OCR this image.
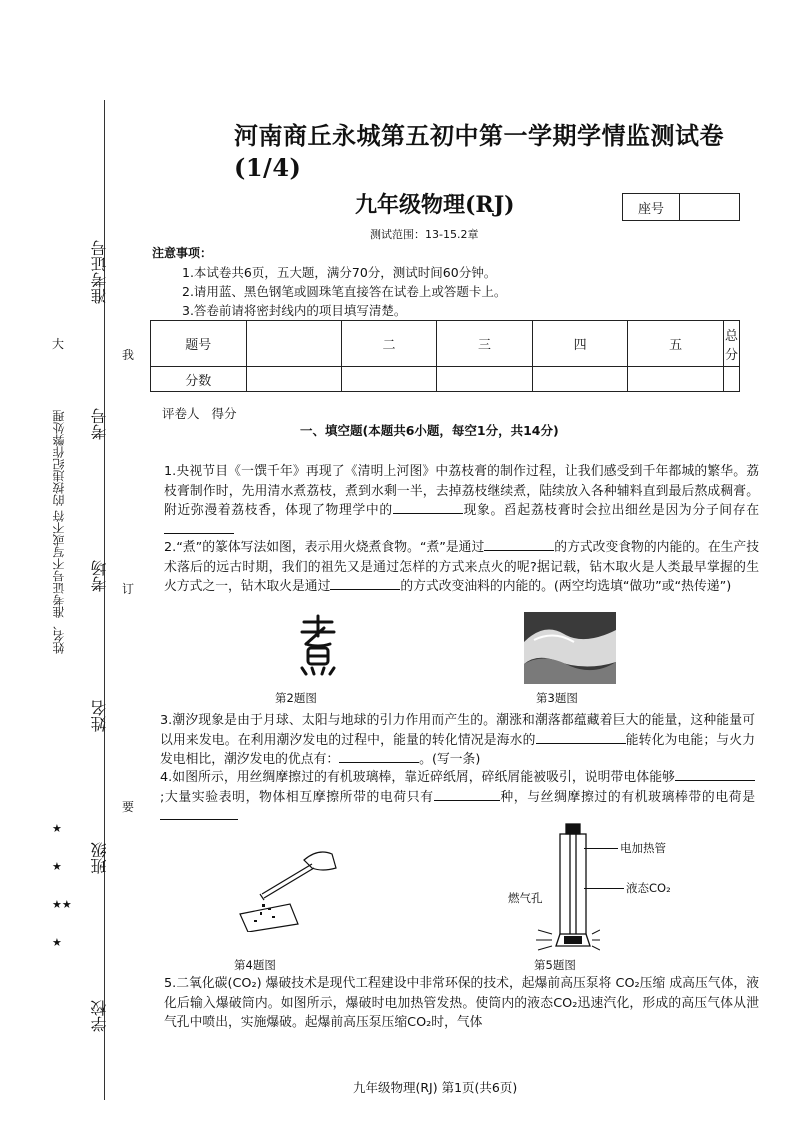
准考证号
考号
考场
姓名
班级
学校
姓名、准考证号不写或不符 的按违纪作弊处理
大
我
订
要
★
★
★★
★
河南商丘永城第五初中第一学期学情监测试卷(1/4)
九年级物理(RJ)	座号
测试范围：13-15.2章
注意事项：
1.本试卷共6页，五大题，满分70分，测试时间60分钟。
2.请用蓝、黑色钢笔或圆珠笔直接答在试卷上或答题卡上。
3.答卷前请将密封线内的项目填写清楚。
题号		二	三	四	五	总分
分数						
评卷人 得分
一、填空题(本题共6小题，每空1分，共14分)
1.央视节目《一馔千年》再现了《清明上河图》中荔枝膏的制作过程，让我们感受到千年都城的繁华。荔枝膏制作时，先用清水煮荔枝，煮到水剩一半，去掉荔枝继续煮，陆续放入各种辅料直到最后熬成稠膏。附近弥漫着荔枝香，体现了物理学中的	现象。舀起荔枝膏时会拉出细丝是因为分子间存在
2.“煮”的篆体写法如图，表示用火烧煮食物。“煮”是通过	的方式改变食物的内能的。在生产技术落后的远古时期，我们的祖先又是通过怎样的方式来点火的呢?据记载，钻木取火是人类最早掌握的生火方式之一，钻木取火是通过	的方式改变油料的内能的。(两空均选填“做功”或“热传递”)
第2题图	第3题图
3.潮汐现象是由于月球、太阳与地球的引力作用而产生的。潮涨和潮落都蕴藏着巨大的能量，这种能量可以用来发电。在利用潮汐发电的过程中，能量的转化情况是海水的	能转化为电能；与火力发电相比，潮汐发电的优点有：	。(写一条)
4.如图所示，用丝绸摩擦过的有机玻璃棒，靠近碎纸屑，碎纸屑能被吸引，说明带电体能够;大量实验表明，物体相互摩擦所带的电荷只有	种，与丝绸摩擦过的有机玻璃棒带的电荷是
第4题图
电加热管
液态CO₂
燃气孔
第5题图
5.二氧化碳(CO₂) 爆破技术是现代工程建设中非常环保的技术，起爆前高压泵将 CO₂压缩 成高压气体，液化后输入爆破筒内。如图所示，爆破时电加热管发热。使筒内的液态CO₂迅速汽化，形成的高压气体从泄气孔中喷出，实施爆破。起爆前高压泵压缩CO₂时，气体
九年级物理(RJ) 第1页(共6页)
